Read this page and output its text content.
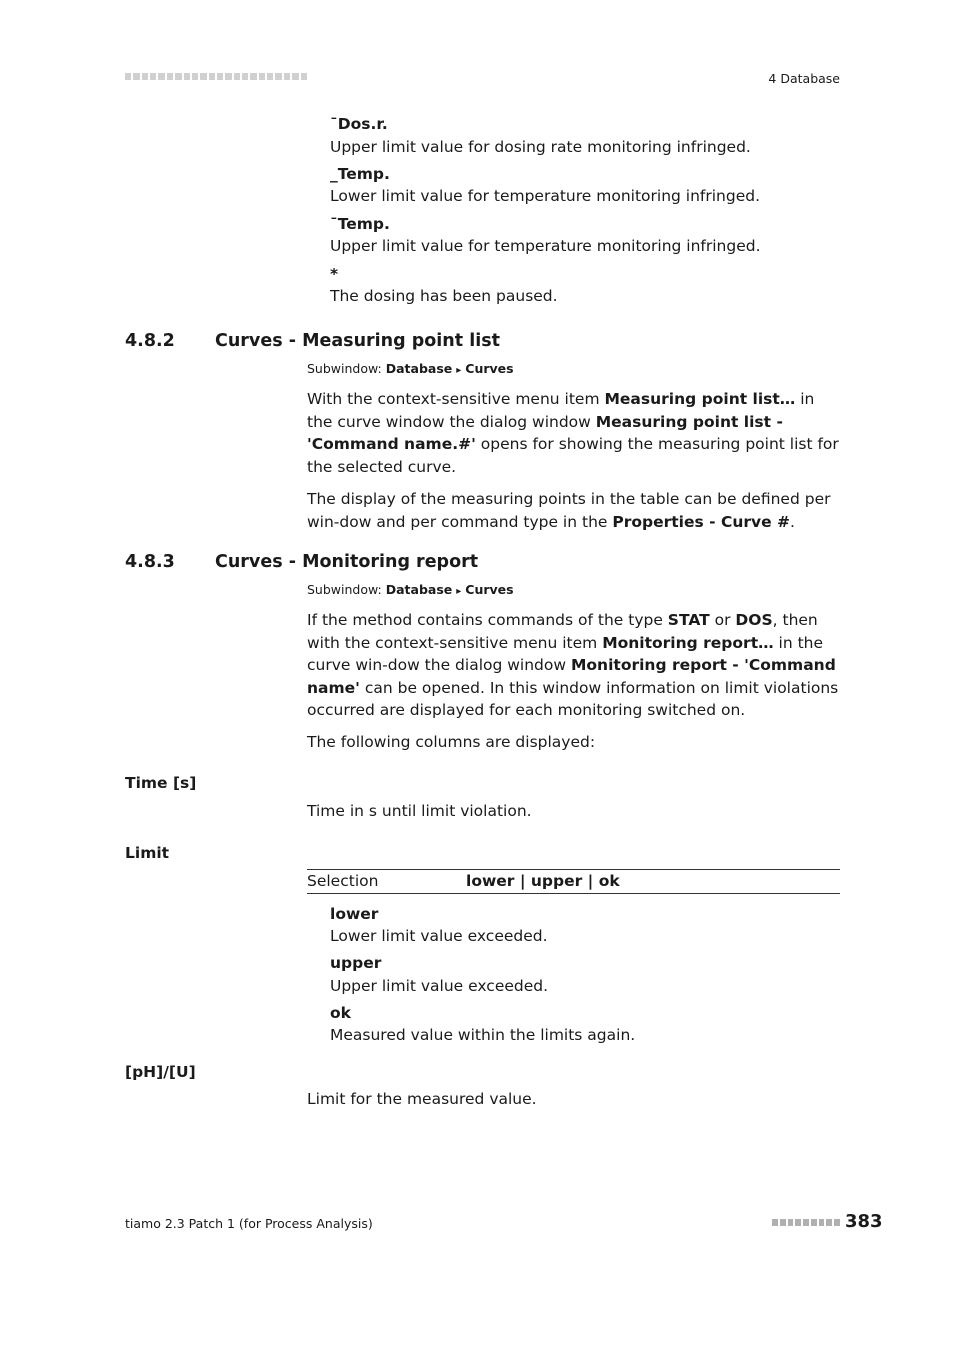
4 Database
¯Dos.r.
Upper limit value for dosing rate monitoring infringed.
_Temp.
Lower limit value for temperature monitoring infringed.
¯Temp.
Upper limit value for temperature monitoring infringed.
*
The dosing has been paused.
4.8.2 Curves - Measuring point list
Subwindow: Database ▸ Curves

With the context-sensitive menu item Measuring point list… in the curve window the dialog window Measuring point list - 'Command name.#' opens for showing the measuring point list for the selected curve.

The display of the measuring points in the table can be defined per win-dow and per command type in the Properties - Curve #.

4.8.3 Curves - Monitoring report
Subwindow: Database ▸ Curves

If the method contains commands of the type STAT or DOS, then with the context-sensitive menu item Monitoring report… in the curve win-dow the dialog window Monitoring report - 'Command name' can be opened. In this window information on limit violations occurred are displayed for each monitoring switched on.

The following columns are displayed:

Time [s]
Time in s until limit violation.
Limit
Selection	lower | upper | ok
lower
Lower limit value exceeded.
upper
Upper limit value exceeded.
ok
Measured value within the limits again.
[pH]/[U]
Limit for the measured value.
tiamo 2.3 Patch 1 (for Process Analysis)	383
